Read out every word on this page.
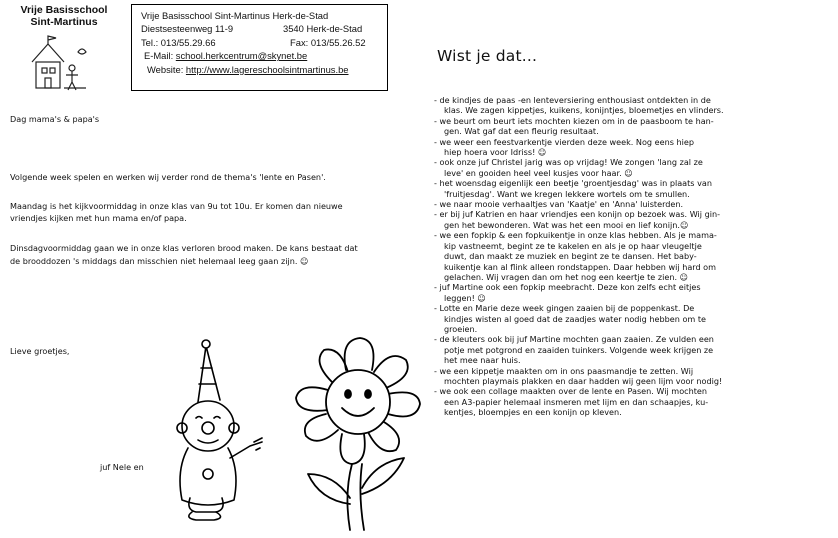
Vrije Basisschool
Sint-Martinus
Vrije Basisschool Sint-Martinus Herk-de-Stad
Diestsesteenweg 11-9	3540 Herk-de-Stad
Tel.: 013/55.29.66	Fax: 013/55.26.52
E-Mail: school.herkcentrum@skynet.be
Website: http://www.lagereschoolsintmartinus.be
Dag mama's & papa's
Volgende week spelen en werken wij verder rond de thema's 'lente en Pasen'.
Maandag is het kijkvoormiddag in onze klas van 9u tot 10u. Er komen dan nieuwe
vriendjes kijken met hun mama en/of papa.
Dinsdagvoormiddag gaan we in onze klas verloren brood maken. De kans bestaat dat
de brooddozen 's middags dan misschien niet helemaal leeg gaan zijn. ☺
Lieve groetjes,
juf Nele en
Wist je dat...

- de kindjes de paas -en lenteversiering enthousiast ontdekten in de

klas. We zagen kippetjes, kuikens, konijntjes, bloemetjes en vlinders.

- we beurt om beurt iets mochten kiezen om in de paasboom te han-

gen. Wat gaf dat een fleurig resultaat.

- we weer een feestvarkentje vierden deze week. Nog eens hiep

hiep hoera voor Idriss! ☺

- ook onze juf Christel jarig was op vrijdag! We zongen 'lang zal ze

leve' en gooiden heel veel kusjes voor haar. ☺

- het woensdag eigenlijk een beetje 'groentjesdag' was in plaats van

'fruitjesdag'. Want we kregen lekkere wortels om te smullen.

- we naar mooie verhaaltjes van 'Kaatje' en 'Anna' luisterden.

- er bij juf Katrien en haar vriendjes een konijn op bezoek was. Wij gin-

gen het bewonderen. Wat was het een mooi en lief konijn.☺

- we een fopkip & een fopkuikentje in onze klas hebben. Als je mama-

kip vastneemt, begint ze te kakelen en als je op haar vleugeltje

duwt, dan maakt ze muziek en begint ze te dansen. Het baby-

kuikentje kan al flink alleen rondstappen. Daar hebben wij hard om

gelachen. Wij vragen dan om het nog een keertje te zien. ☺

- juf Martine ook een fopkip meebracht. Deze kon zelfs echt eitjes

leggen! ☺

- Lotte en Marie deze week gingen zaaien bij de poppenkast. De

kindjes wisten al goed dat de zaadjes water nodig hebben om te

groeien.

- de kleuters ook bij juf Martine mochten gaan zaaien. Ze vulden een

potje met potgrond en zaaiden tuinkers. Volgende week krijgen ze

het mee naar huis.

- we een kippetje maakten om in ons paasmandje te zetten. Wij

mochten playmais plakken en daar hadden wij geen lijm voor nodig!

- we ook een collage maakten over de lente en Pasen. Wij mochten

een A3-papier helemaal insmeren met lijm en dan schaapjes, ku-

kentjes, bloempjes en een konijn op kleven.
